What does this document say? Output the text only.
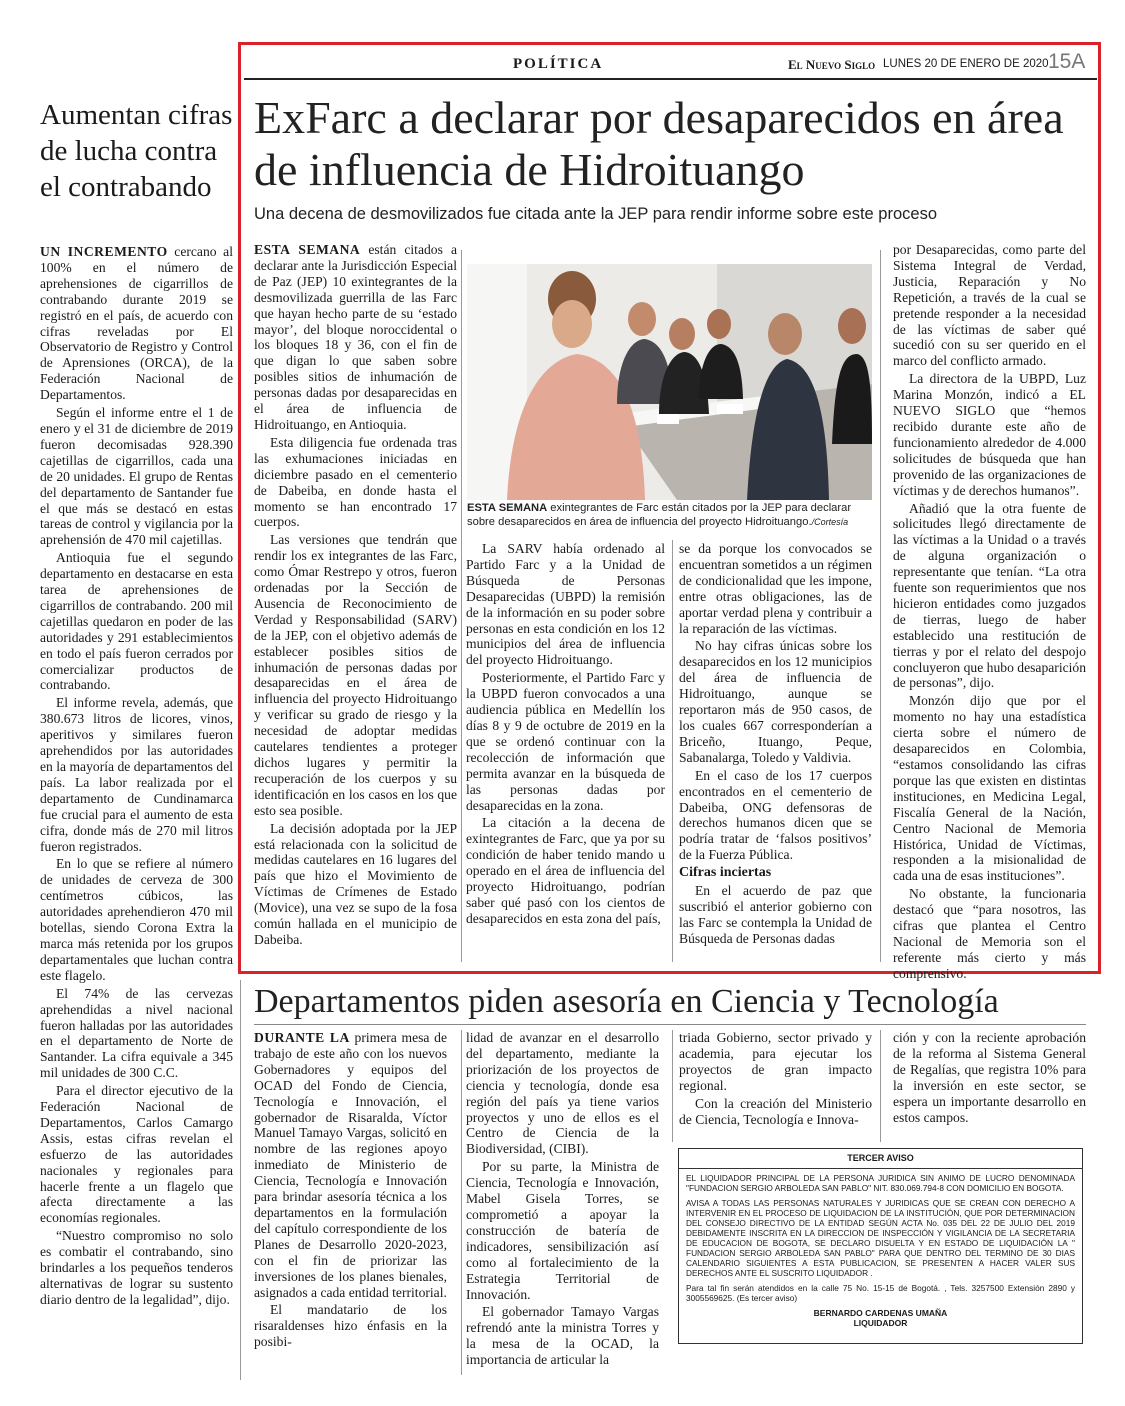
POLÍTICA	El Nuevo Siglo LUNES 20 DE ENERO DE 2020 15A
Aumentan cifras de lucha contra el contrabando

UN INCREMENTO cercano al 100% en el número de aprehensiones de cigarrillos de contrabando durante 2019 se registró en el país, de acuerdo con cifras reveladas por El Observatorio de Registro y Control de Aprensiones (ORCA), de la Federación Nacional de Departamentos.

Según el informe entre el 1 de enero y el 31 de diciembre de 2019 fueron decomisadas 928.390 cajetillas de cigarrillos, cada una de 20 unidades. El grupo de Rentas del departamento de Santander fue el que más se destacó en estas tareas de control y vigilancia por la aprehensión de 470 mil cajetillas.

Antioquia fue el segundo departamento en destacarse en esta tarea de aprehensiones de cigarrillos de contrabando. 200 mil cajetillas quedaron en poder de las autoridades y 291 establecimientos en todo el país fueron cerrados por comercializar productos de contrabando.

El informe revela, además, que 380.673 litros de licores, vinos, aperitivos y similares fueron aprehendidos por las autoridades en la mayoría de departamentos del país. La labor realizada por el departamento de Cundinamarca fue crucial para el aumento de esta cifra, donde más de 270 mil litros fueron registrados.

En lo que se refiere al número de unidades de cerveza de 300 centímetros cúbicos, las autoridades aprehendieron 470 mil botellas, siendo Corona Extra la marca más retenida por los grupos departamentales que luchan contra este flagelo.

El 74% de las cervezas aprehendidas a nivel nacional fueron halladas por las autoridades en el departamento de Norte de Santander. La cifra equivale a 345 mil unidades de 300 C.C.

Para el director ejecutivo de la Federación Nacional de Departamentos, Carlos Camargo Assis, estas cifras revelan el esfuerzo de las autoridades nacionales y regionales para hacerle frente a un flagelo que afecta directamente a las economías regionales.

“Nuestro compromiso no solo es combatir el contrabando, sino brindarles a los pequeños tenderos alternativas de lograr su sustento diario dentro de la legalidad”, dijo.

ExFarc a declarar por desaparecidos en área de influencia de Hidroituango
Una decena de desmovilizados fue citada ante la JEP para rendir informe sobre este proceso

ESTA SEMANA están citados a declarar ante la Jurisdicción Especial de Paz (JEP) 10 exintegrantes de la desmovilizada guerrilla de las Farc que hayan hecho parte de su ‘estado mayor’, del bloque noroccidental o los bloques 18 y 36, con el fin de que digan lo que saben sobre posibles sitios de inhumación de personas dadas por desaparecidas en el área de influencia de Hidroituango, en Antioquia.

Esta diligencia fue ordenada tras las exhumaciones iniciadas en diciembre pasado en el cementerio de Dabeiba, en donde hasta el momento se han encontrado 17 cuerpos.

Las versiones que tendrán que rendir los ex integrantes de las Farc, como Ómar Restrepo y otros, fueron ordenadas por la Sección de Ausencia de Reconocimiento de Verdad y Responsabilidad (SARV) de la JEP, con el objetivo además de establecer posibles sitios de inhumación de personas dadas por desaparecidas en el área de influencia del proyecto Hidroituango y verificar su grado de riesgo y la necesidad de adoptar medidas cautelares tendientes a proteger dichos lugares y permitir la recuperación de los cuerpos y su identificación en los casos en los que esto sea posible.

La decisión adoptada por la JEP está relacionada con la solicitud de medidas cautelares en 16 lugares del país que hizo el Movimiento de Víctimas de Crímenes de Estado (Movice), una vez se supo de la fosa común hallada en el municipio de Dabeiba.

ESTA SEMANA exintegrantes de Farc están citados por la JEP para declarar sobre desaparecidos en área de influencia del proyecto Hidroituango./Cortesía

La SARV había ordenado al Partido Farc y a la Unidad de Búsqueda de Personas Desaparecidas (UBPD) la remisión de la información en su poder sobre personas en esta condición en los 12 municipios del área de influencia del proyecto Hidroituango.

Posteriormente, el Partido Farc y la UBPD fueron convocados a una audiencia pública en Medellín los días 8 y 9 de octubre de 2019 en la que se ordenó continuar con la recolección de información que permita avanzar en la búsqueda de las personas dadas por desaparecidas en la zona.

La citación a la decena de exintegrantes de Farc, que ya por su condición de haber tenido mando u operado en el área de influencia del proyecto Hidroituango, podrían saber qué pasó con los cientos de desaparecidos en esta zona del país,

se da porque los convocados se encuentran sometidos a un régimen de condicionalidad que les impone, entre otras obligaciones, las de aportar verdad plena y contribuir a la reparación de las víctimas.

No hay cifras únicas sobre los desaparecidos en los 12 municipios del área de influencia de Hidroituango, aunque se reportaron más de 950 casos, de los cuales 667 corresponderían a Briceño, Ituango, Peque, Sabanalarga, Toledo y Valdivia.

En el caso de los 17 cuerpos encontrados en el cementerio de Dabeiba, ONG defensoras de derechos humanos dicen que se podría tratar de ‘falsos positivos’ de la Fuerza Pública.

Cifras inciertas

En el acuerdo de paz que suscribió el anterior gobierno con las Farc se contempla la Unidad de Búsqueda de Personas dadas

por Desaparecidas, como parte del Sistema Integral de Verdad, Justicia, Reparación y No Repetición, a través de la cual se pretende responder a la necesidad de las víctimas de saber qué sucedió con su ser querido en el marco del conflicto armado.

La directora de la UBPD, Luz Marina Monzón, indicó a EL NUEVO SIGLO que “hemos recibido durante este año de funcionamiento alrededor de 4.000 solicitudes de búsqueda que han provenido de las organizaciones de víctimas y de derechos humanos”.

Añadió que la otra fuente de solicitudes llegó directamente de las víctimas a la Unidad o a través de alguna organización o representante que tenían. “La otra fuente son requerimientos que nos hicieron entidades como juzgados de tierras, luego de haber establecido una restitución de tierras y por el relato del despojo concluyeron que hubo desaparición de personas”, dijo.

Monzón dijo que por el momento no hay una estadística cierta sobre el número de desaparecidos en Colombia, “estamos consolidando las cifras porque las que existen en distintas instituciones, en Medicina Legal, Fiscalía General de la Nación, Centro Nacional de Memoria Histórica, Unidad de Víctimas, responden a la misionalidad de cada una de esas instituciones”.

No obstante, la funcionaria destacó que “para nosotros, las cifras que plantea el Centro Nacional de Memoria son el referente más cierto y más comprensivo.

Departamentos piden asesoría en Ciencia y Tecnología

DURANTE LA primera mesa de trabajo de este año con los nuevos Gobernadores y equipos del OCAD del Fondo de Ciencia, Tecnología e Innovación, el gobernador de Risaralda, Víctor Manuel Tamayo Vargas, solicitó en nombre de las regiones apoyo inmediato de Ministerio de Ciencia, Tecnología e Innovación para brindar asesoría técnica a los departamentos en la formulación del capítulo correspondiente de los Planes de Desarrollo 2020-2023, con el fin de priorizar las inversiones de los planes bienales, asignados a cada entidad territorial.

El mandatario de los risaraldenses hizo énfasis en la posibi-

lidad de avanzar en el desarrollo del departamento, mediante la priorización de los proyectos de ciencia y tecnología, donde esa región del país ya tiene varios proyectos y uno de ellos es el Centro de Ciencia de la Biodiversidad, (CIBI).

Por su parte, la Ministra de Ciencia, Tecnología e Innovación, Mabel Gisela Torres, se comprometió a apoyar la construcción de batería de indicadores, sensibilización así como al fortalecimiento de la Estrategia Territorial de Innovación.

El gobernador Tamayo Vargas refrendó ante la ministra Torres y la mesa de la OCAD, la importancia de articular la

triada Gobierno, sector privado y academia, para ejecutar los proyectos de gran impacto regional.

Con la creación del Ministerio de Ciencia, Tecnología e Innova-

ción y con la reciente aprobación de la reforma al Sistema General de Regalías, que registra 10% para la inversión en este sector, se espera un importante desarrollo en estos campos.

TERCER AVISO

EL LIQUIDADOR PRINCIPAL DE LA PERSONA JURIDICA SIN ANIMO DE LUCRO DENOMINADA "FUNDACION SERGIO ARBOLEDA SAN PABLO" NIT. 830.069.794-8 CON DOMICILIO EN BOGOTA.

AVISA A TODAS LAS PERSONAS NATURALES Y JURIDICAS QUE SE CREAN CON DERECHO A INTERVENIR EN EL PROCESO DE LIQUIDACION DE LA INSTITUCIÓN, QUE POR DETERMINACION DEL CONSEJO DIRECTIVO DE LA ENTIDAD SEGÚN ACTA No. 035 DEL 22 DE JULIO DEL 2019 DEBIDAMENTE INSCRITA EN LA DIRECCION DE INSPECCIÓN Y VIGILANCIA DE LA SECRETARIA DE EDUCACION DE BOGOTA, SE DECLARO DISUELTA Y EN ESTADO DE LIQUIDACIÓN LA " FUNDACION SERGIO ARBOLEDA SAN PABLO" PARA QUE DENTRO DEL TERMINO DE 30 DIAS CALENDARIO SIGUIENTES A ESTA PUBLICACION, SE PRESENTEN A HACER VALER SUS DERECHOS ANTE EL SUSCRITO LIQUIDADOR .

Para tal fin serán atendidos en la calle 75 No. 15-15 de Bogotá. , Tels. 3257500 Extensión 2890 y 3005569625. (Es tercer aviso)

BERNARDO CARDENAS UMAÑA
LIQUIDADOR
